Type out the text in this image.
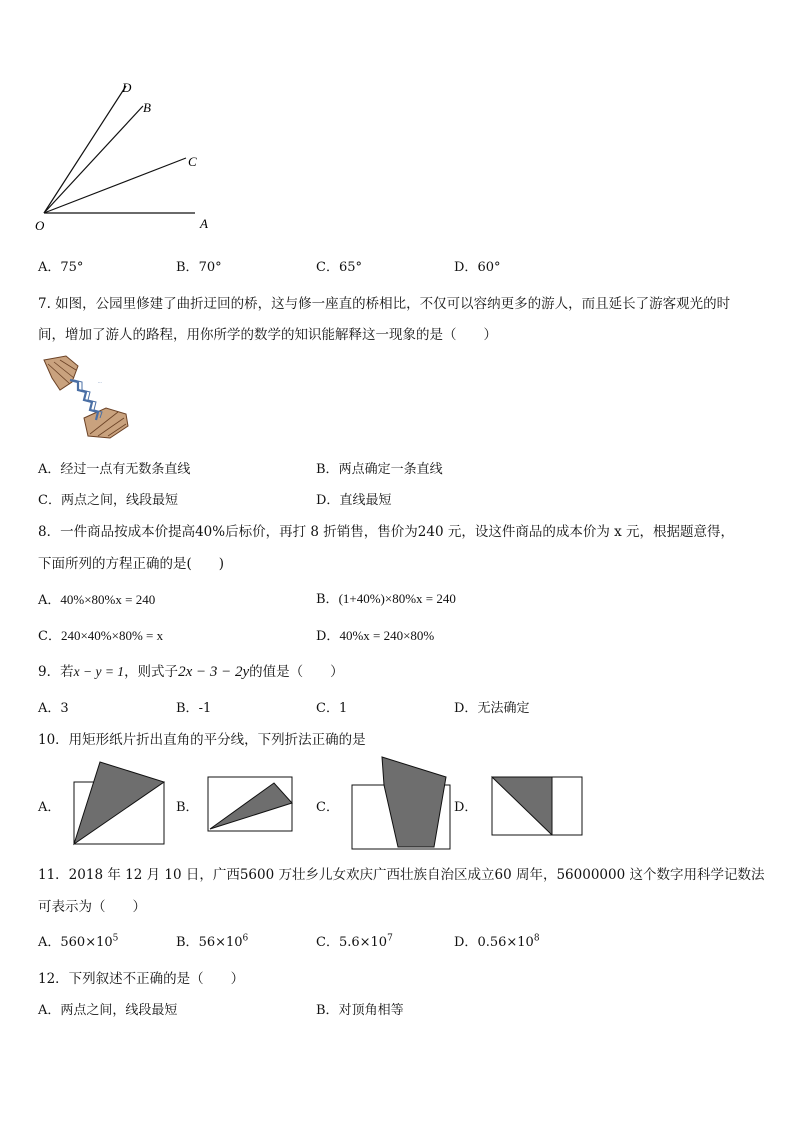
D
B
C
O	A
A．75°	B．70°	C．65°	D．60°
7. 如图，公园里修建了曲折迂回的桥，这与修一座直的桥相比，不仅可以容纳更多的游人，而且延长了游客观光的时
间，增加了游人的路程，用你所学的数学的知识能解释这一现象的是（　　）
···
A．经过一点有无数条直线	B．两点确定一条直线
C．两点之间，线段最短	D．直线最短
8．一件商品按成本价提高40%后标价，再打 8 折销售，售价为240 元，设这件商品的成本价为 x 元，根据题意得，
下面所列的方程正确的是(　　)
A．40%×80%x = 240	B．(1+40%)×80%x = 240
C．240×40%×80% = x	D．40%x = 240×80%
9．若x − y = 1，则式子2x − 3 − 2y的值是（　　）
A．3	B．-1	C．1	D．无法确定
10．用矩形纸片折出直角的平分线，下列折法正确的是
A．	B．	C．	D．
11．2018 年 12 月 10 日，广西5600 万壮乡儿女欢庆广西壮族自治区成立60 周年，56000000 这个数字用科学记数法
可表示为（　　）
A．$560\times 10^5$	B．$56\times 10^6$	C．$5.6\times 10^7$	D．$0.56\times 10^8$
12．下列叙述不正确的是（　　）
A．两点之间，线段最短	B．对顶角相等
